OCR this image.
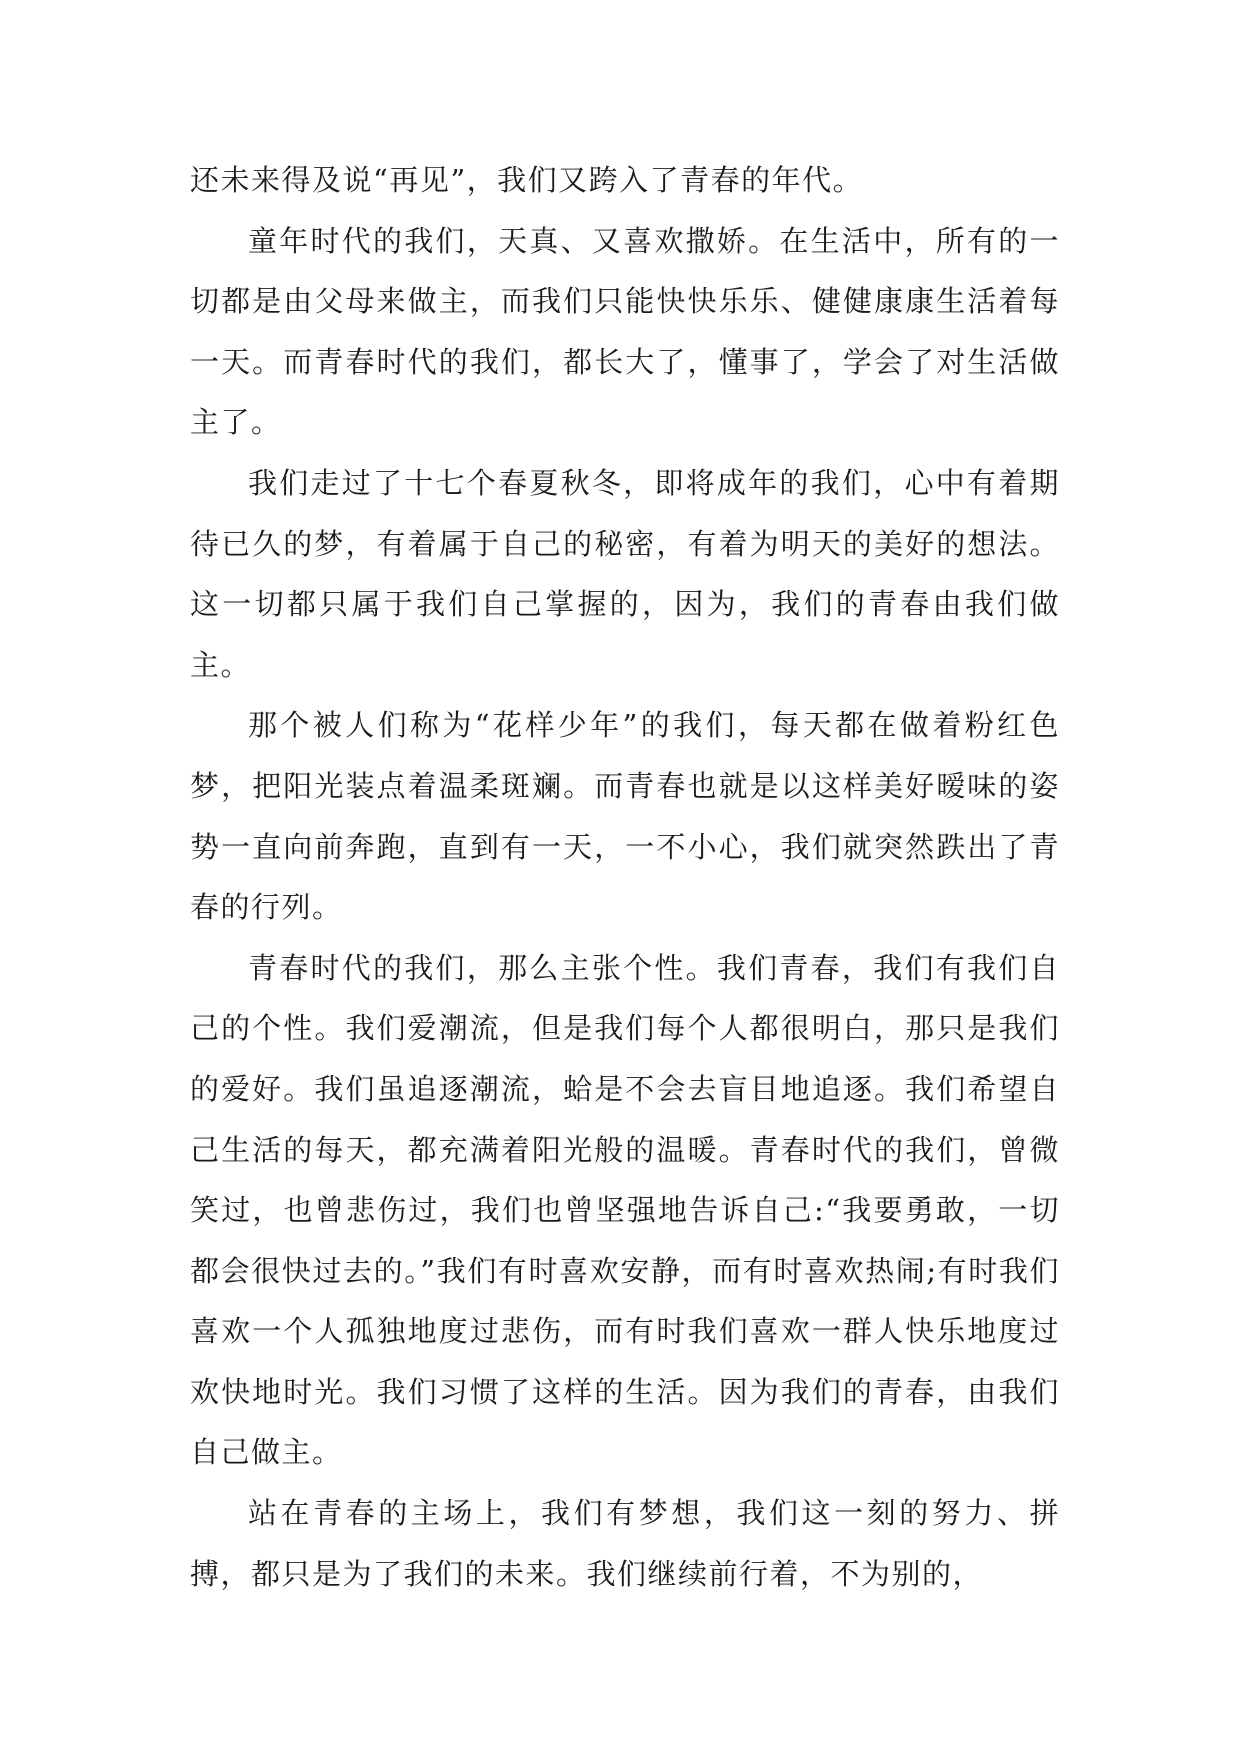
还未来得及说“再见”，我们又跨入了青春的年代。

童年时代的我们，天真、又喜欢撒娇。在生活中，所有的一切都是由父母来做主，而我们只能快快乐乐、健健康康生活着每一天。而青春时代的我们，都长大了，懂事了，学会了对生活做主了。

我们走过了十七个春夏秋冬，即将成年的我们，心中有着期待已久的梦，有着属于自己的秘密，有着为明天的美好的想法。这一切都只属于我们自己掌握的，因为，我们的青春由我们做主。

那个被人们称为“花样少年”的我们，每天都在做着粉红色梦，把阳光装点着温柔斑斓。而青春也就是以这样美好暧味的姿势一直向前奔跑，直到有一天，一不小心，我们就突然跌出了青春的行列。

青春时代的我们，那么主张个性。我们青春，我们有我们自己的个性。我们爱潮流，但是我们每个人都很明白，那只是我们的爱好。我们虽追逐潮流，蛤是不会去盲目地追逐。我们希望自己生活的每天，都充满着阳光般的温暖。青春时代的我们，曾微笑过，也曾悲伤过，我们也曾坚强地告诉自己:“我要勇敢，一切都会很快过去的。”我们有时喜欢安静，而有时喜欢热闹;有时我们喜欢一个人孤独地度过悲伤，而有时我们喜欢一群人快乐地度过欢快地时光。我们习惯了这样的生活。因为我们的青春，由我们自己做主。

站在青春的主场上，我们有梦想，我们这一刻的努力、拼搏，都只是为了我们的未来。我们继续前行着，不为别的，
